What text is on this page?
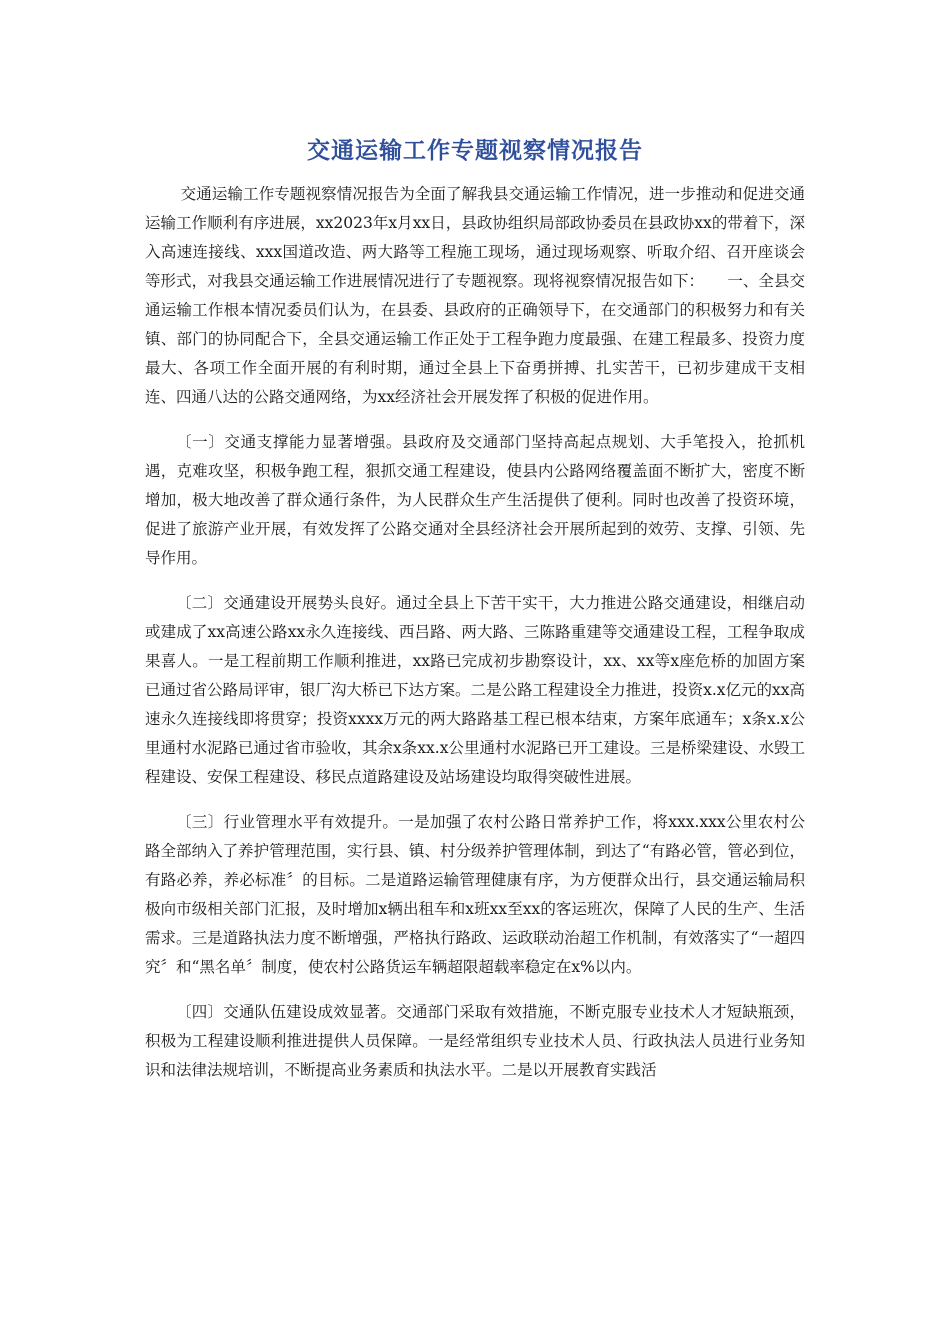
交通运输工作专题视察情况报告

交通运输工作专题视察情况报告为全面了解我县交通运输工作情况，进一步推动和促进交通运输工作顺利有序进展，xx2023年x月xx日，县政协组织局部政协委员在县政协xx的带着下，深入高速连接线、xxx国道改造、两大路等工程施工现场，通过现场观察、听取介绍、召开座谈会等形式，对我县交通运输工作进展情况进行了专题视察。现将视察情况报告如下：　　一、全县交通运输工作根本情况委员们认为，在县委、县政府的正确领导下，在交通部门的积极努力和有关镇、部门的协同配合下，全县交通运输工作正处于工程争跑力度最强、在建工程最多、投资力度最大、各项工作全面开展的有利时期，通过全县上下奋勇拼搏、扎实苦干，已初步建成干支相连、四通八达的公路交通网络，为xx经济社会开展发挥了积极的促进作用。

〔一〕交通支撑能力显著增强。县政府及交通部门坚持高起点规划、大手笔投入，抢抓机遇，克难攻坚，积极争跑工程，狠抓交通工程建设，使县内公路网络覆盖面不断扩大，密度不断增加，极大地改善了群众通行条件，为人民群众生产生活提供了便利。同时也改善了投资环境，促进了旅游产业开展，有效发挥了公路交通对全县经济社会开展所起到的效劳、支撑、引领、先导作用。

〔二〕交通建设开展势头良好。通过全县上下苦干实干，大力推进公路交通建设，相继启动或建成了xx高速公路xx永久连接线、西吕路、两大路、三陈路重建等交通建设工程，工程争取成果喜人。一是工程前期工作顺利推进，xx路已完成初步勘察设计，xx、xx等x座危桥的加固方案已通过省公路局评审，银厂沟大桥已下达方案。二是公路工程建设全力推进，投资x.x亿元的xx高速永久连接线即将贯穿；投资xxxx万元的两大路路基工程已根本结束，方案年底通车；x条x.x公里通村水泥路已通过省市验收，其余x条xx.x公里通村水泥路已开工建设。三是桥梁建设、水毁工程建设、安保工程建设、移民点道路建设及站场建设均取得突破性进展。

〔三〕行业管理水平有效提升。一是加强了农村公路日常养护工作，将xxx.xxx公里农村公路全部纳入了养护管理范围，实行县、镇、村分级养护管理体制，到达了“有路必管，管必到位，有路必养，养必标准〞的目标。二是道路运输管理健康有序，为方便群众出行，县交通运输局积极向市级相关部门汇报，及时增加x辆出租车和x班xx至xx的客运班次，保障了人民的生产、生活需求。三是道路执法力度不断增强，严格执行路政、运政联动治超工作机制，有效落实了“一超四究〞和“黑名单〞制度，使农村公路货运车辆超限超载率稳定在x%以内。

〔四〕交通队伍建设成效显著。交通部门采取有效措施，不断克服专业技术人才短缺瓶颈，积极为工程建设顺利推进提供人员保障。一是经常组织专业技术人员、行政执法人员进行业务知识和法律法规培训，不断提高业务素质和执法水平。二是以开展教育实践活
